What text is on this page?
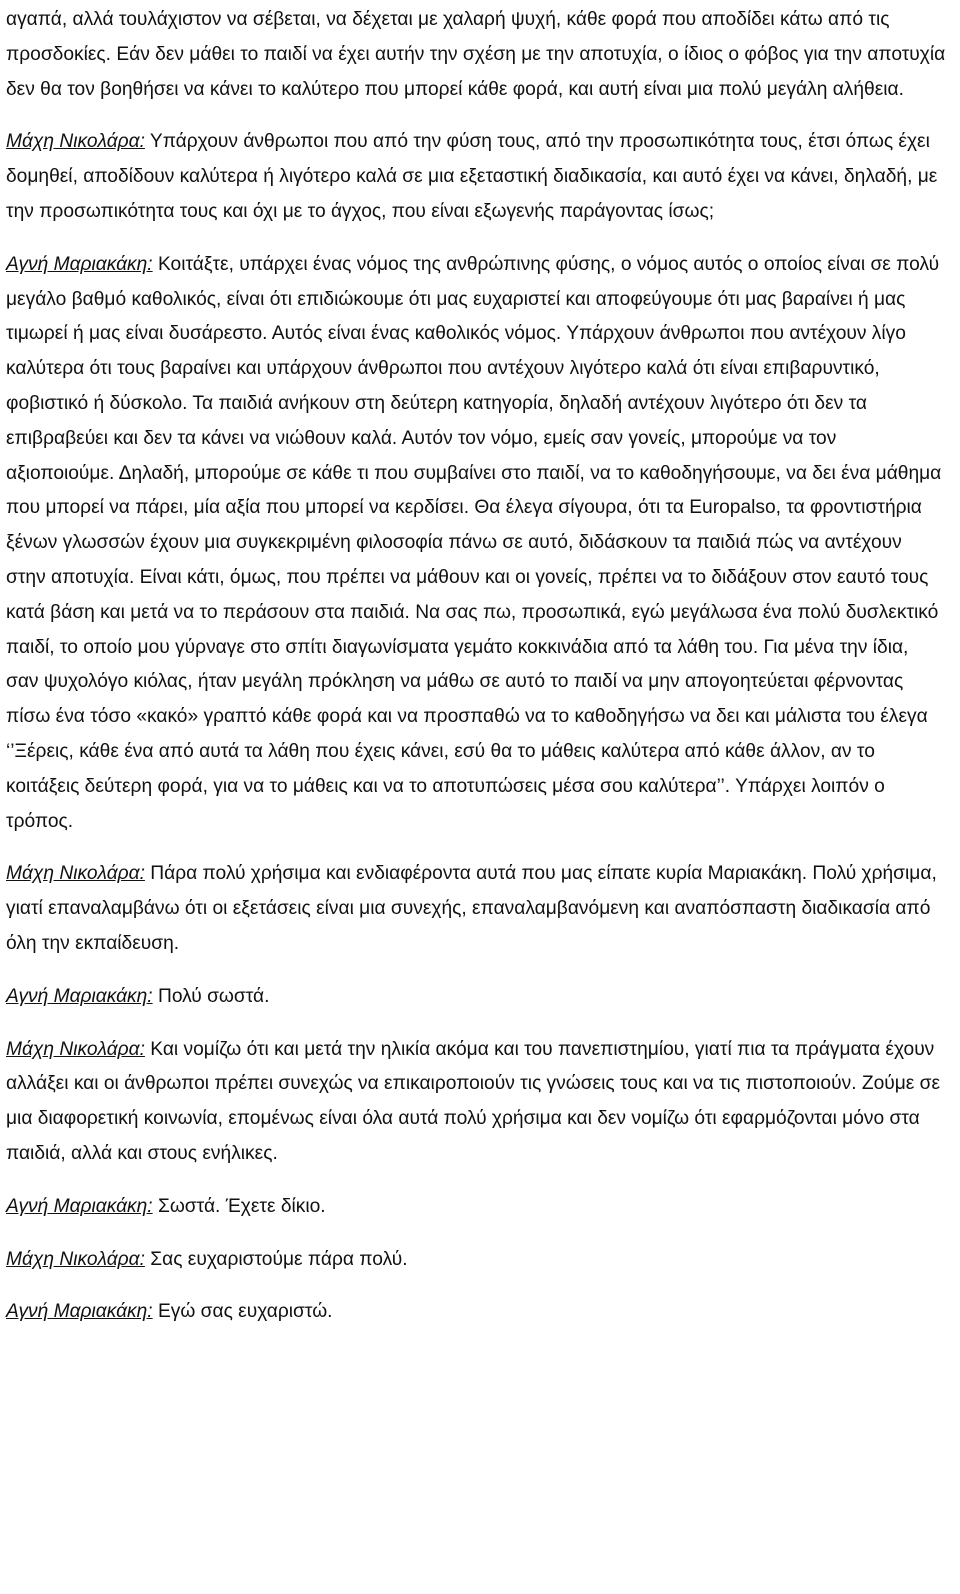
αγαπά, αλλά τουλάχιστον να σέβεται, να δέχεται με χαλαρή ψυχή, κάθε φορά που αποδίδει κάτω από τις προσδοκίες. Εάν δεν μάθει το παιδί να έχει αυτήν την σχέση με την αποτυχία, ο ίδιος ο φόβος για την αποτυχία δεν θα τον βοηθήσει να κάνει το καλύτερο που μπορεί κάθε φορά, και αυτή είναι μια πολύ μεγάλη αλήθεια.

Μάχη Νικολάρα: Υπάρχουν άνθρωποι που από την φύση τους, από την προσωπικότητα τους, έτσι όπως έχει δομηθεί, αποδίδουν καλύτερα ή λιγότερο καλά σε μια εξεταστική διαδικασία, και αυτό έχει να κάνει, δηλαδή, με την προσωπικότητα τους και όχι με το άγχος, που είναι εξωγενής παράγοντας ίσως;

Αγνή Μαριακάκη: Κοιτάξτε, υπάρχει ένας νόμος της ανθρώπινης φύσης, ο νόμος αυτός ο οποίος είναι σε πολύ μεγάλο βαθμό καθολικός, είναι ότι επιδιώκουμε ότι μας ευχαριστεί και αποφεύγουμε ότι μας βαραίνει ή μας τιμωρεί ή μας είναι δυσάρεστο. Αυτός είναι ένας καθολικός νόμος. Υπάρχουν άνθρωποι που αντέχουν λίγο καλύτερα ότι τους βαραίνει και υπάρχουν άνθρωποι που αντέχουν λιγότερο καλά ότι είναι επιβαρυντικό, φοβιστικό ή δύσκολο. Τα παιδιά ανήκουν στη δεύτερη κατηγορία, δηλαδή αντέχουν λιγότερο ότι δεν τα επιβραβεύει και δεν τα κάνει να νιώθουν καλά. Αυτόν τον νόμο, εμείς σαν γονείς, μπορούμε να τον αξιοποιούμε. Δηλαδή, μπορούμε σε κάθε τι που συμβαίνει στο παιδί, να το καθοδηγήσουμε, να δει ένα μάθημα που μπορεί να πάρει, μία αξία που μπορεί να κερδίσει. Θα έλεγα σίγουρα, ότι τα Europalso, τα φροντιστήρια ξένων γλωσσών έχουν μια συγκεκριμένη φιλοσοφία πάνω σε αυτό, διδάσκουν τα παιδιά πώς να αντέχουν στην αποτυχία. Είναι κάτι, όμως, που πρέπει να μάθουν και οι γονείς, πρέπει να το διδάξουν στον εαυτό τους κατά βάση και μετά να το περάσουν στα παιδιά. Να σας πω, προσωπικά, εγώ μεγάλωσα ένα πολύ δυσλεκτικό παιδί, το οποίο μου γύρναγε στο σπίτι διαγωνίσματα γεμάτο κοκκινάδια από τα λάθη του. Για μένα την ίδια, σαν ψυχολόγο κιόλας, ήταν μεγάλη πρόκληση να μάθω σε αυτό το παιδί να μην απογοητεύεται φέρνοντας πίσω ένα τόσο «κακό» γραπτό κάθε φορά και να προσπαθώ να το καθοδηγήσω να δει και μάλιστα του έλεγα ‘’Ξέρεις, κάθε ένα από αυτά τα λάθη που έχεις κάνει, εσύ θα το μάθεις καλύτερα από κάθε άλλον, αν το κοιτάξεις δεύτερη φορά, για να το μάθεις και να το αποτυπώσεις μέσα σου καλύτερα’’. Υπάρχει λοιπόν ο τρόπος.

Μάχη Νικολάρα: Πάρα πολύ χρήσιμα και ενδιαφέροντα αυτά που μας είπατε κυρία Μαριακάκη. Πολύ χρήσιμα, γιατί επαναλαμβάνω ότι οι εξετάσεις είναι μια συνεχής, επαναλαμβανόμενη και αναπόσπαστη διαδικασία από όλη την εκπαίδευση.

Αγνή Μαριακάκη: Πολύ σωστά.

Μάχη Νικολάρα: Και νομίζω ότι και μετά την ηλικία ακόμα και του πανεπιστημίου, γιατί πια τα πράγματα έχουν αλλάξει και οι άνθρωποι πρέπει συνεχώς να επικαιροποιούν τις γνώσεις τους και να τις πιστοποιούν. Ζούμε σε μια διαφορετική κοινωνία, επομένως είναι όλα αυτά πολύ χρήσιμα και δεν νομίζω ότι εφαρμόζονται μόνο στα παιδιά, αλλά και στους ενήλικες.

Αγνή Μαριακάκη: Σωστά. Έχετε δίκιο.

Μάχη Νικολάρα: Σας ευχαριστούμε πάρα πολύ.

Αγνή Μαριακάκη: Εγώ σας ευχαριστώ.
